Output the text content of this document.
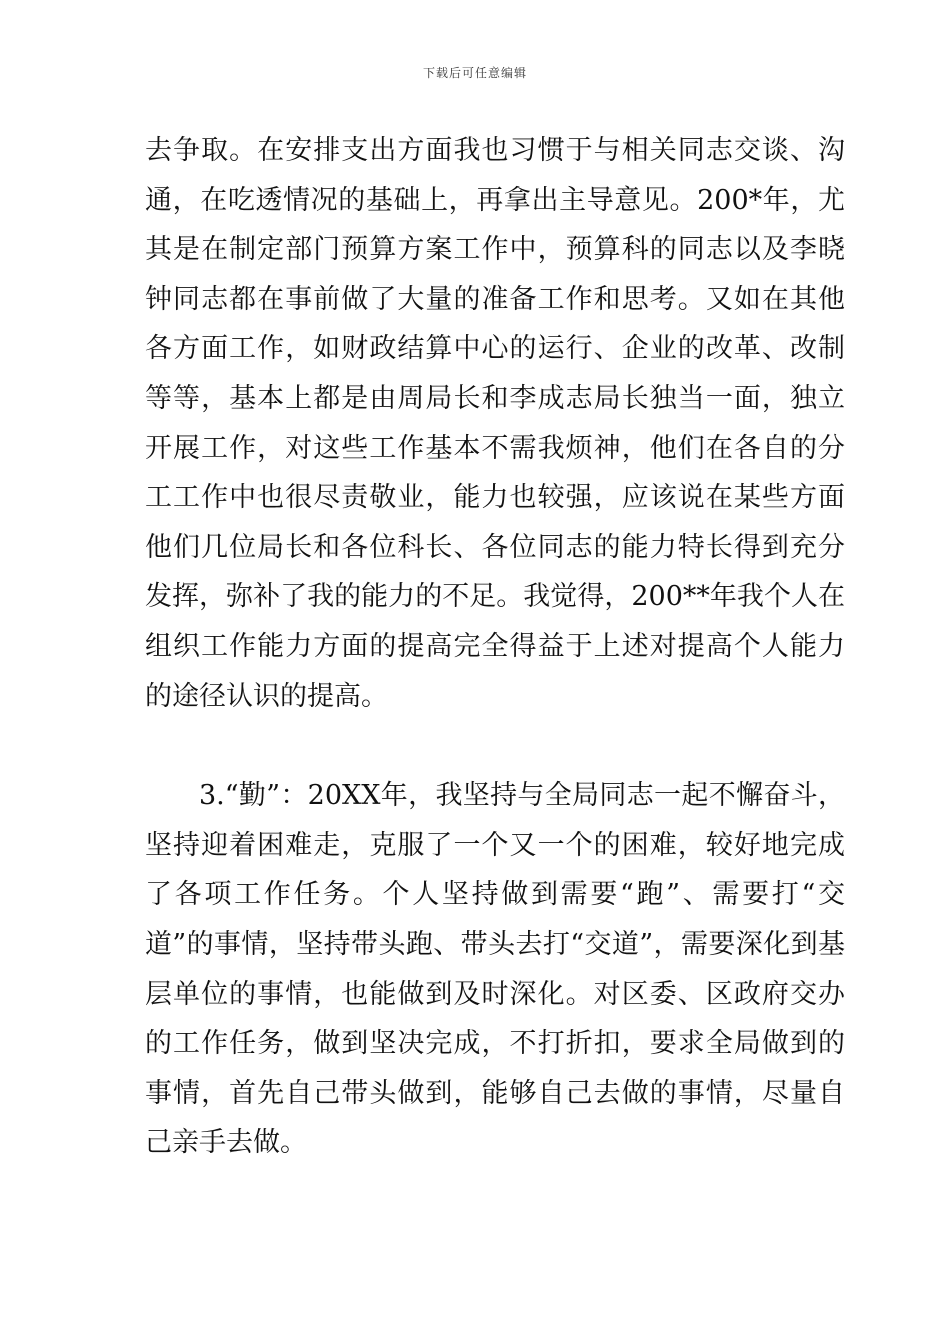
下载后可任意编辑

去争取。在安排支出方面我也习惯于与相关同志交谈、沟通，在吃透情况的基础上，再拿出主导意见。200*年，尤其是在制定部门预算方案工作中，预算科的同志以及李晓钟同志都在事前做了大量的准备工作和思考。又如在其他各方面工作，如财政结算中心的运行、企业的改革、改制等等，基本上都是由周局长和李成志局长独当一面，独立开展工作，对这些工作基本不需我烦神，他们在各自的分工工作中也很尽责敬业，能力也较强，应该说在某些方面他们几位局长和各位科长、各位同志的能力特长得到充分发挥，弥补了我的能力的不足。我觉得，200**年我个人在组织工作能力方面的提高完全得益于上述对提高个人能力的途径认识的提高。

3.“勤”：20XX年，我坚持与全局同志一起不懈奋斗，坚持迎着困难走，克服了一个又一个的困难，较好地完成了各项工作任务。个人坚持做到需要“跑”、需要打“交道”的事情，坚持带头跑、带头去打“交道”，需要深化到基层单位的事情，也能做到及时深化。对区委、区政府交办的工作任务，做到坚决完成，不打折扣，要求全局做到的事情，首先自己带头做到，能够自己去做的事情，尽量自己亲手去做。
